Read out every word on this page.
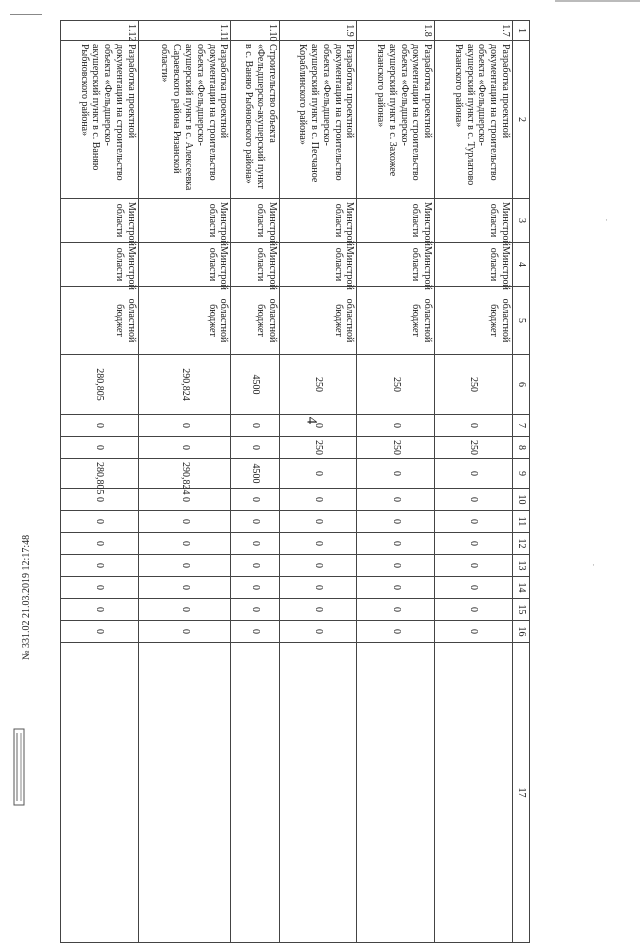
·
·
4
1	2	3	4	5	6	7	8	9	10	11	12	13	14	15	16	17
1.7	Разработка проектной документации на строительство объекта «Фельдшерско-акушерский пункт в с. Турлатово Рязанского района»	Минстрой области	Минстрой области	областной бюджет	250	0	250	0	0	0	0	0	0	0	0	
1.8	Разработка проектной документации на строительство объекта «Фельдшерско-акушерский пункт в с. Захожее Рязанского района»	Минстрой области	Минстрой области	областной бюджет	250	0	250	0	0	0	0	0	0	0	0	
1.9	Разработка проектной документации на строительство объекта «Фельдшерско-акушерский пункт в с. Песчаное Кораблинского района»	Минстрой области	Минстрой области	областной бюджет	250	0	250	0	0	0	0	0	0	0	0	
1.10	Строительство объекта «Фельдшерско-акушерский пункт в с. Ваняю Рыбновского района»	Минстрой области	Минстрой области	областной бюджет	4500	0	0	4500	0	0	0	0	0	0	0	
1.11	Разработка проектной документации на строительство объекта «Фельдшерско-акушерский пункт в с. Алексеевка Сараевского района Рязанской области»	Минстрой области	Минстрой области	областной бюджет	290,824	0	0	290,824	0	0	0	0	0	0	0	
1.12	Разработка проектной документации на строительство объекта «Фельдшерско-акушерский пункт в с. Ваняю Рыбновского района»	Минстрой области	Минстрой области	областной бюджет	280,805	0	0	280,805	0	0	0	0	0	0	0	
№ 331.02 21.03.2019 12:17:48
